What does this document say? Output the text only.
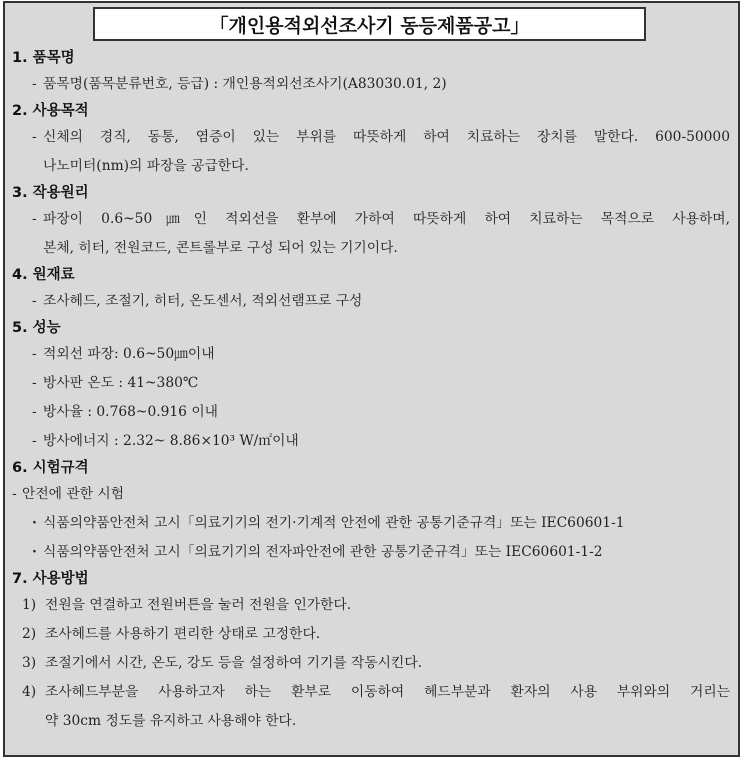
「개인용적외선조사기 동등제품공고」
1. 품목명
- 품목명(품목분류번호, 등급) : 개인용적외선조사기(A83030.01, 2)
2. 사용목적
- 신체의 경직, 동통, 염증이 있는 부위를 따뜻하게 하여 치료하는 장치를 말한다. 600-50000
나노미터(nm)의 파장을 공급한다.
3. 작용원리
- 파장이 0.6~50㎛인 적외선을 환부에 가하여 따뜻하게 하여 치료하는 목적으로 사용하며,
본체, 히터, 전원코드, 콘트롤부로 구성 되어 있는 기기이다.
4. 원재료
- 조사헤드, 조절기, 히터, 온도센서, 적외선램프로 구성
5. 성능
- 적외선 파장: 0.6~50㎛이내
- 방사판 온도 : 41~380℃
- 방사율 : 0.768~0.916 이내
- 방사에너지 : 2.32~ 8.86×10³ W/㎡이내
6. 시험규격
- 안전에 관한 시험
· 식품의약품안전처 고시「의료기기의 전기·기계적 안전에 관한 공통기준규격」또는 IEC60601-1
· 식품의약품안전처 고시「의료기기의 전자파안전에 관한 공통기준규격」또는 IEC60601-1-2
7. 사용방법
1) 전원을 연결하고 전원버튼을 눌러 전원을 인가한다.
2) 조사헤드를 사용하기 편리한 상태로 고정한다.
3) 조절기에서 시간, 온도, 강도 등을 설정하여 기기를 작동시킨다.
4) 조사헤드부분을 사용하고자 하는 환부로 이동하여 헤드부분과 환자의 사용 부위와의 거리는
약 30cm 정도를 유지하고 사용해야 한다.
